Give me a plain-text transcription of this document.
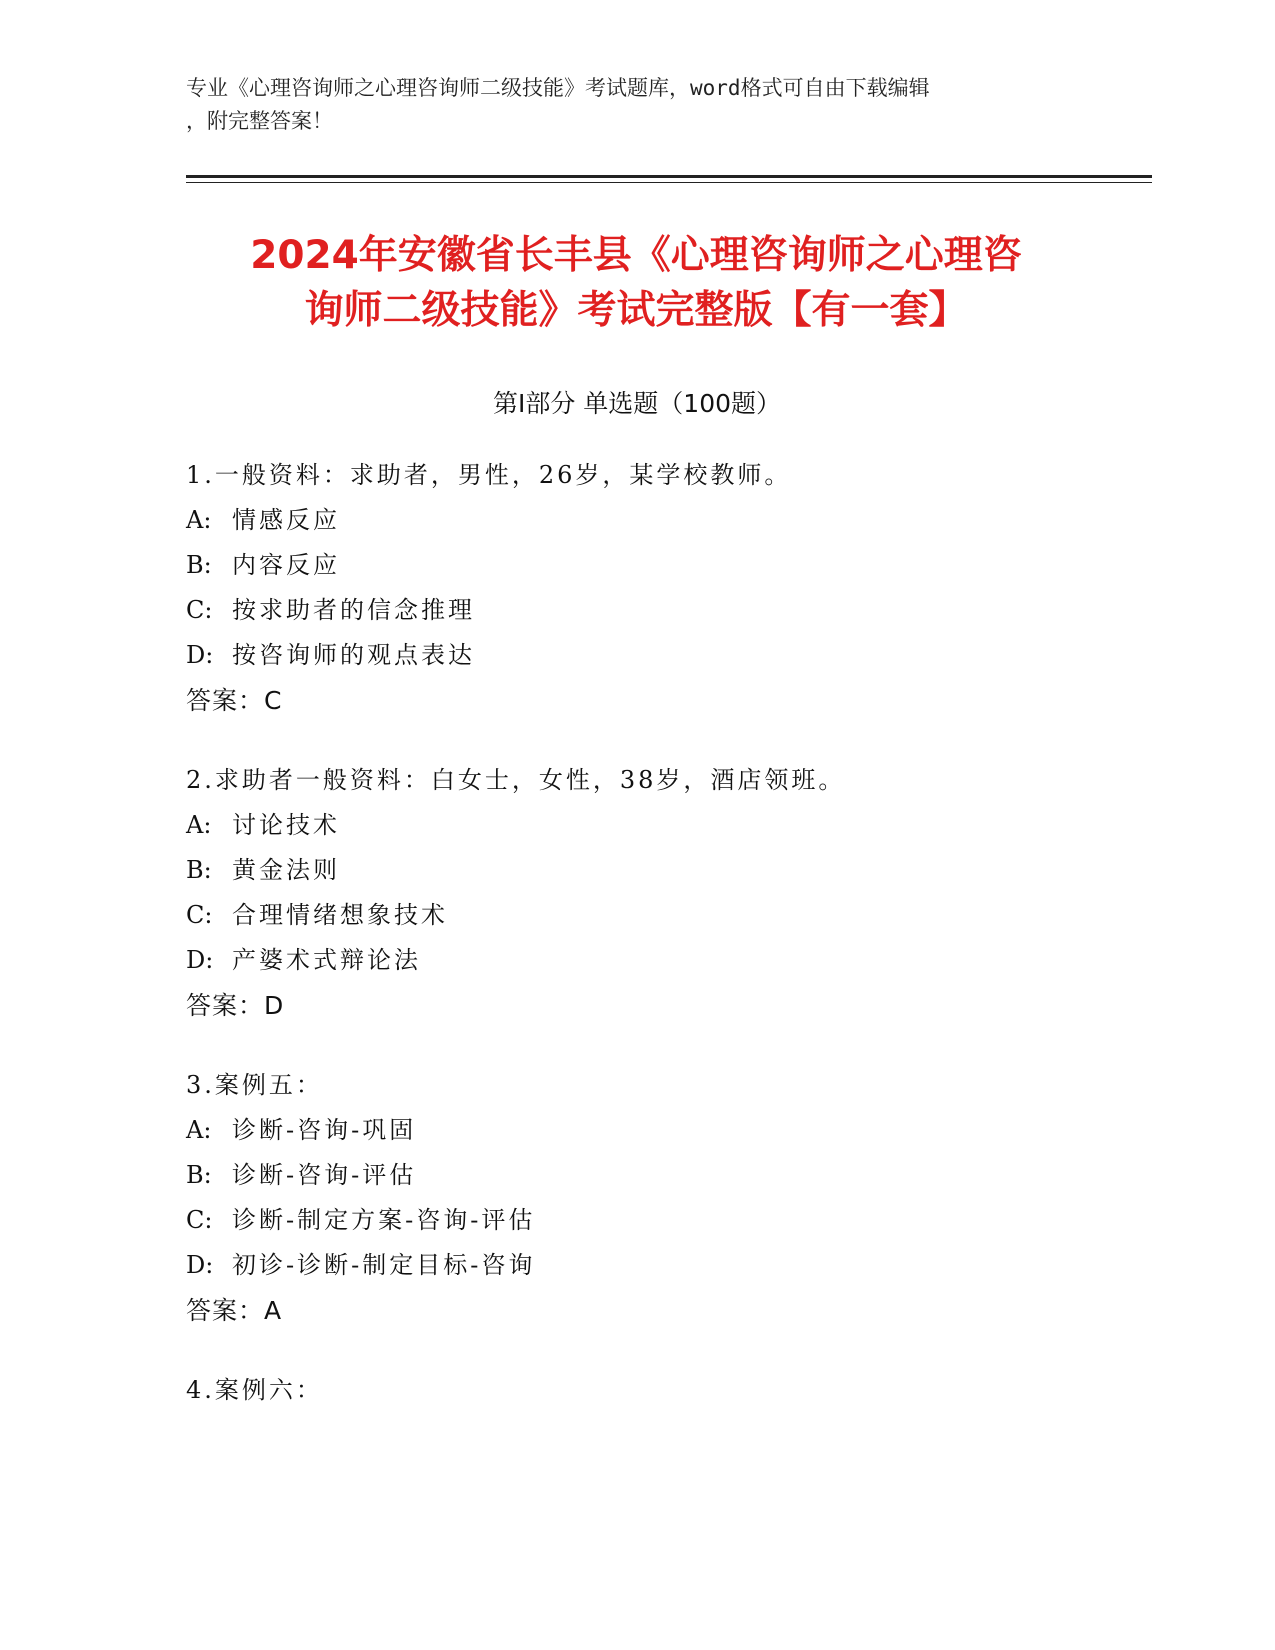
专业《心理咨询师之心理咨询师二级技能》考试题库，word格式可自由下载编辑
，附完整答案！
2024年安徽省长丰县《心理咨询师之心理咨
询师二级技能》考试完整版【有一套】
第Ⅰ部分 单选题（100题）
1.一般资料：求助者，男性，26岁，某学校教师。
A: 情感反应
B: 内容反应
C: 按求助者的信念推理
D: 按咨询师的观点表达
答案：C
2.求助者一般资料：白女士，女性，38岁，酒店领班。
A: 讨论技术
B: 黄金法则
C: 合理情绪想象技术
D: 产婆术式辩论法
答案：D
3.案例五：
A: 诊断-咨询-巩固
B: 诊断-咨询-评估
C: 诊断-制定方案-咨询-评估
D: 初诊-诊断-制定目标-咨询
答案：A
4.案例六：
